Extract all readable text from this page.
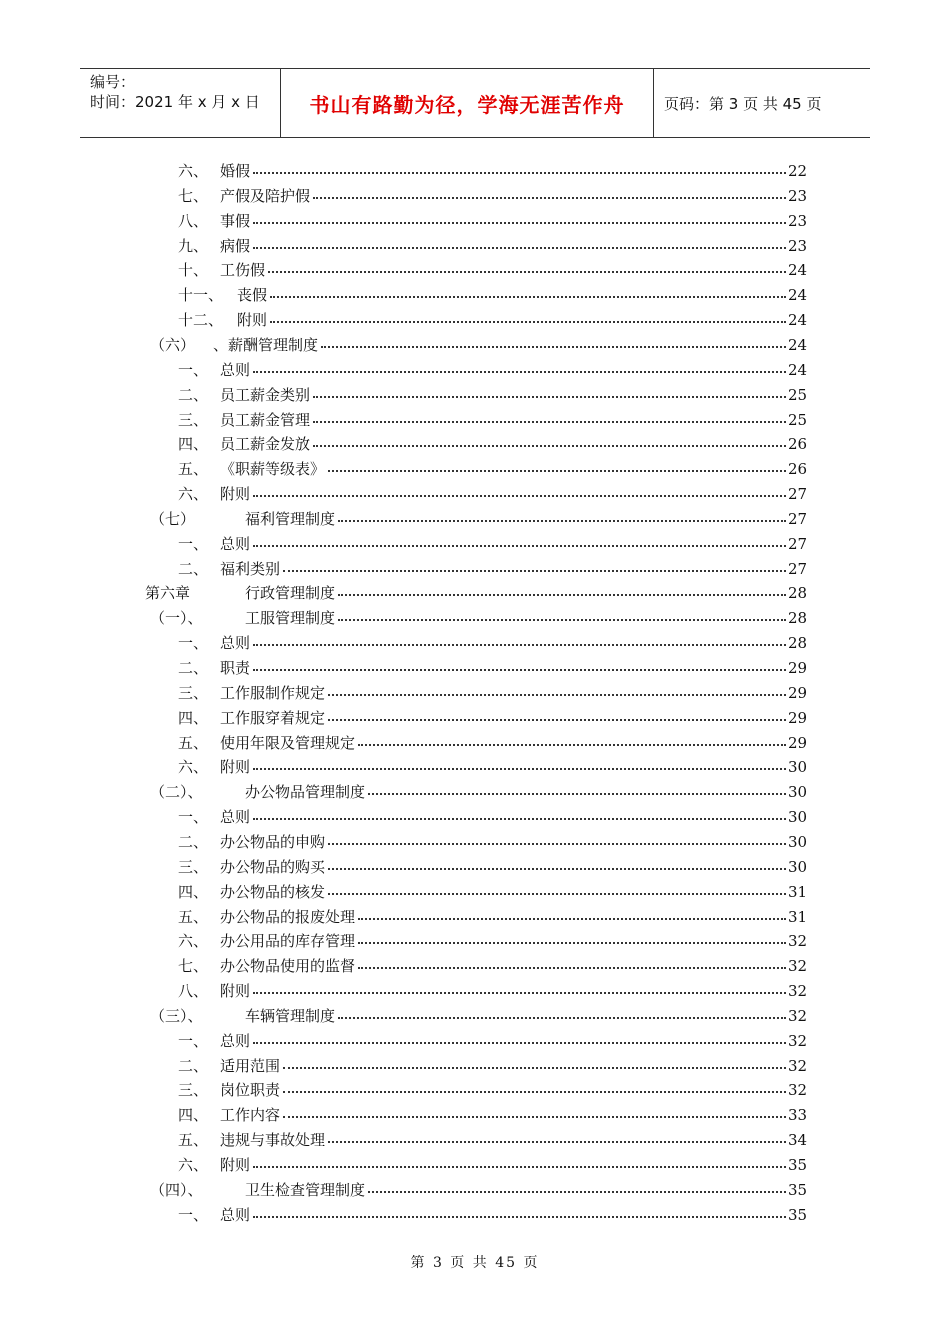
编号：
时间：2021 年 x 月 x 日 书山有路勤为径，学海无涯苦作舟	页码：第 3 页 共 45 页
六、 婚假	22
七、 产假及陪护假	23
八、 事假	23
九、 病假	23
十、 工伤假	24
十一、 丧假	24
十二、 附则	24
（六） 、薪酬管理制度	24
一、 总则	24
二、 员工薪金类别	25
三、 员工薪金管理	25
四、 员工薪金发放	26
五、 《职薪等级表》	26
六、 附则	27
（七）	福利管理制度	27
一、 总则	27
二、 福利类别	27
第六章	行政管理制度	28
（一）、	工服管理制度	28
一、 总则	28
二、 职责	29
三、 工作服制作规定	29
四、 工作服穿着规定	29
五、 使用年限及管理规定	29
六、 附则	30
（二）、	办公物品管理制度	30
一、 总则	30
二、 办公物品的申购	30
三、 办公物品的购买	30
四、 办公物品的核发	31
五、 办公物品的报废处理	31
六、 办公用品的库存管理	32
七、 办公物品使用的监督	32
八、 附则	32
（三）、	车辆管理制度	32
一、 总则	32
二、 适用范围	32
三、 岗位职责	32
四、 工作内容	33
五、 违规与事故处理	34
六、 附则	35
（四）、	卫生检查管理制度	35
一、 总则	35
第 3 页 共 45 页
